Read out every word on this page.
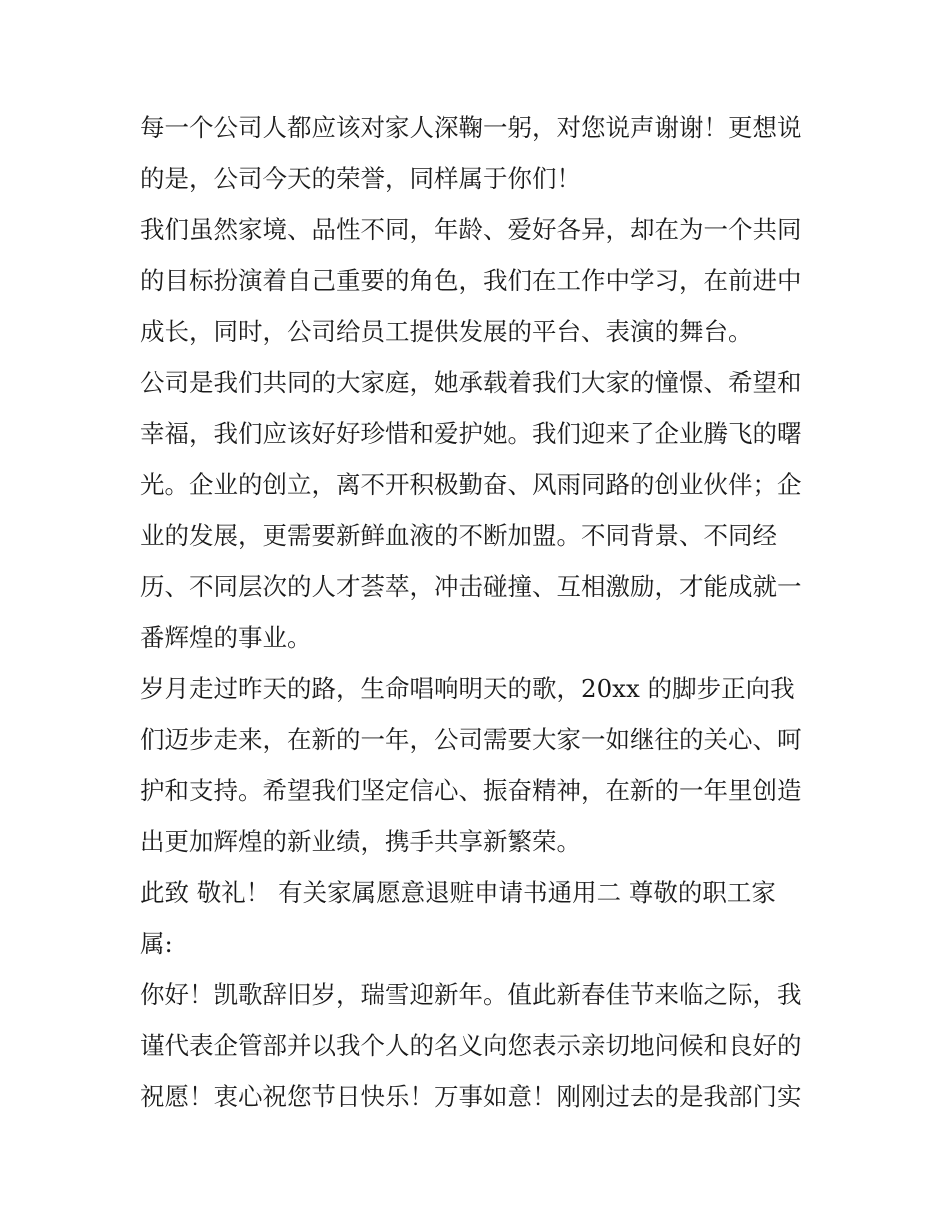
每一个公司人都应该对家人深鞠一躬，对您说声谢谢！更想说
的是，公司今天的荣誉，同样属于你们！
我们虽然家境、品性不同，年龄、爱好各异，却在为一个共同
的目标扮演着自己重要的角色，我们在工作中学习，在前进中
成长，同时，公司给员工提供发展的平台、表演的舞台。
公司是我们共同的大家庭，她承载着我们大家的憧憬、希望和
幸福，我们应该好好珍惜和爱护她。我们迎来了企业腾飞的曙
光。企业的创立，离不开积极勤奋、风雨同路的创业伙伴；企
业的发展，更需要新鲜血液的不断加盟。不同背景、不同经
历、不同层次的人才荟萃，冲击碰撞、互相激励，才能成就一
番辉煌的事业。
岁月走过昨天的路，生命唱响明天的歌，20xx 的脚步正向我
们迈步走来，在新的一年，公司需要大家一如继往的关心、呵
护和支持。希望我们坚定信心、振奋精神，在新的一年里创造
出更加辉煌的新业绩，携手共享新繁荣。
此致 敬礼！ 有关家属愿意退赃申请书通用二 尊敬的职工家
属:
你好！凯歌辞旧岁，瑞雪迎新年。值此新春佳节来临之际，我
谨代表企管部并以我个人的名义向您表示亲切地问候和良好的
祝愿！衷心祝您节日快乐！万事如意！刚刚过去的是我部门实
